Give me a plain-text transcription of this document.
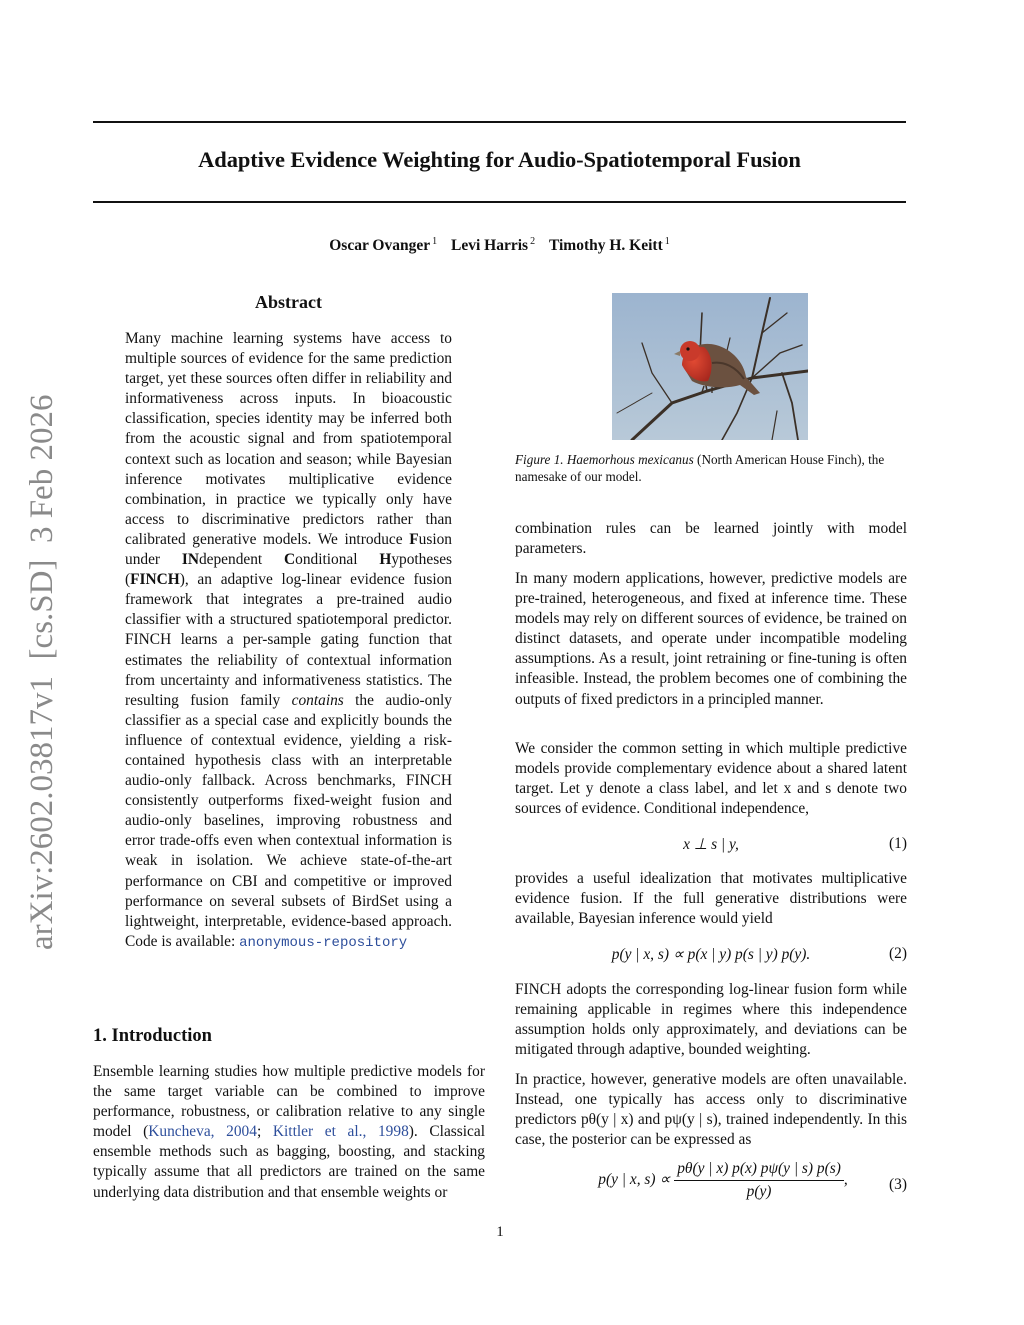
Adaptive Evidence Weighting for Audio-Spatiotemporal Fusion
Oscar Ovanger $^1$ Levi Harris $^2$ Timothy H. Keitt $^1$
arXiv:2602.03817v1  [cs.SD]  3 Feb 2026
Abstract
Many machine learning systems have access to multiple sources of evidence for the same prediction target, yet these sources often differ in reliability and informativeness across inputs. In bioacoustic classification, species identity may be inferred both from the acoustic signal and from spatiotemporal context such as location and season; while Bayesian inference motivates multiplicative evidence combination, in practice we typically only have access to discriminative predictors rather than calibrated generative models. We introduce Fusion under INdependent Conditional Hypotheses (FINCH), an adaptive log-linear evidence fusion framework that integrates a pre-trained audio classifier with a structured spatiotemporal predictor. FINCH learns a per-sample gating function that estimates the reliability of contextual information from uncertainty and informativeness statistics. The resulting fusion family contains the audio-only classifier as a special case and explicitly bounds the influence of contextual evidence, yielding a risk-contained hypothesis class with an interpretable audio-only fallback. Across benchmarks, FINCH consistently outperforms fixed-weight fusion and audio-only baselines, improving robustness and error trade-offs even when contextual information is weak in isolation. We achieve state-of-the-art performance on CBI and competitive or improved performance on several subsets of BirdSet using a lightweight, interpretable, evidence-based approach. Code is available: anonymous-repository
Figure 1. Haemorhous mexicanus (North American House Finch), the namesake of our model.
1. Introduction
Ensemble learning studies how multiple predictive models for the same target variable can be combined to improve performance, robustness, or calibration relative to any single model (Kuncheva, 2004; Kittler et al., 1998). Classical ensemble methods such as bagging, boosting, and stacking typically assume that all predictors are trained on the same underlying data distribution and that ensemble weights or

combination rules can be learned jointly with model parameters.

In many modern applications, however, predictive models are pre-trained, heterogeneous, and fixed at inference time. These models may rely on different sources of evidence, be trained on distinct datasets, and operate under incompatible modeling assumptions. As a result, joint retraining or fine-tuning is often infeasible. Instead, the problem becomes one of combining the outputs of fixed predictors in a principled manner.

We consider the common setting in which multiple predictive models provide complementary evidence about a shared latent target. Let y denote a class label, and let x and s denote two sources of evidence. Conditional independence,

x ⊥ s | y,	(1)

provides a useful idealization that motivates multiplicative evidence fusion. If the full generative distributions were available, Bayesian inference would yield

p(y | x, s) ∝ p(x | y) p(s | y) p(y).	(2)

FINCH adopts the corresponding log-linear fusion form while remaining applicable in regimes where this independence assumption holds only approximately, and deviations can be mitigated through adaptive, bounded weighting.

In practice, however, generative models are often unavailable. Instead, one typically has access only to discriminative predictors pθ(y | x) and pψ(y | s), trained independently. In this case, the posterior can be expressed as

p(y | x, $s) \propto \frac{p\theta(y | x) p(x) p\psi(y | s) p(s)}{p(y)}$ ,	(3)
1
